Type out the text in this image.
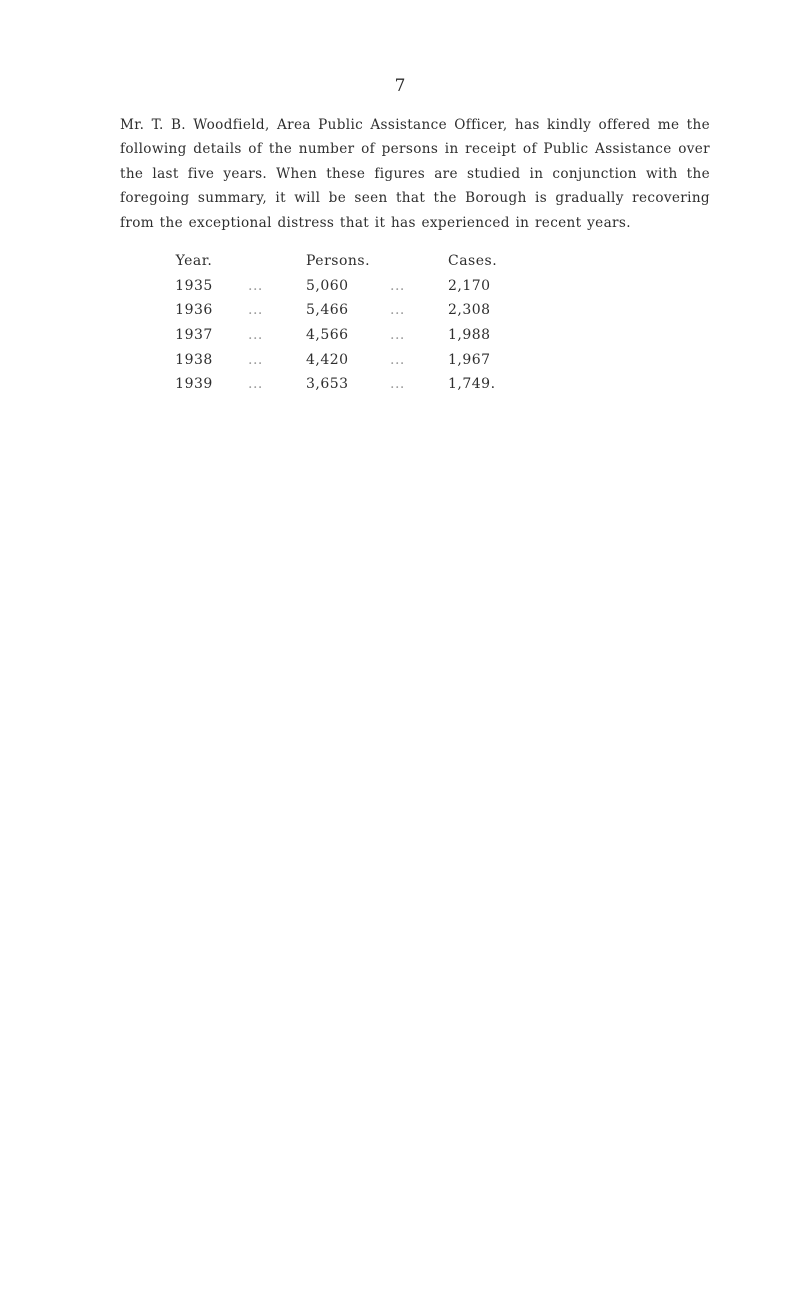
7

Mr. T. B. Woodfield, Area Public Assistance Officer, has kindly offered me the following details of the number of persons in receipt of Public Assistance over the last five years. When these figures are studied in conjunction with the foregoing summary, it will be seen that the Borough is gradually recovering from the exceptional distress that it has experienced in recent years.

Year.		Persons.		Cases.
1935	...	5,060	...	2,170
1936	...	5,466	...	2,308
1937	...	4,566	...	1,988
1938	...	4,420	...	1,967
1939	...	3,653	...	1,749.
